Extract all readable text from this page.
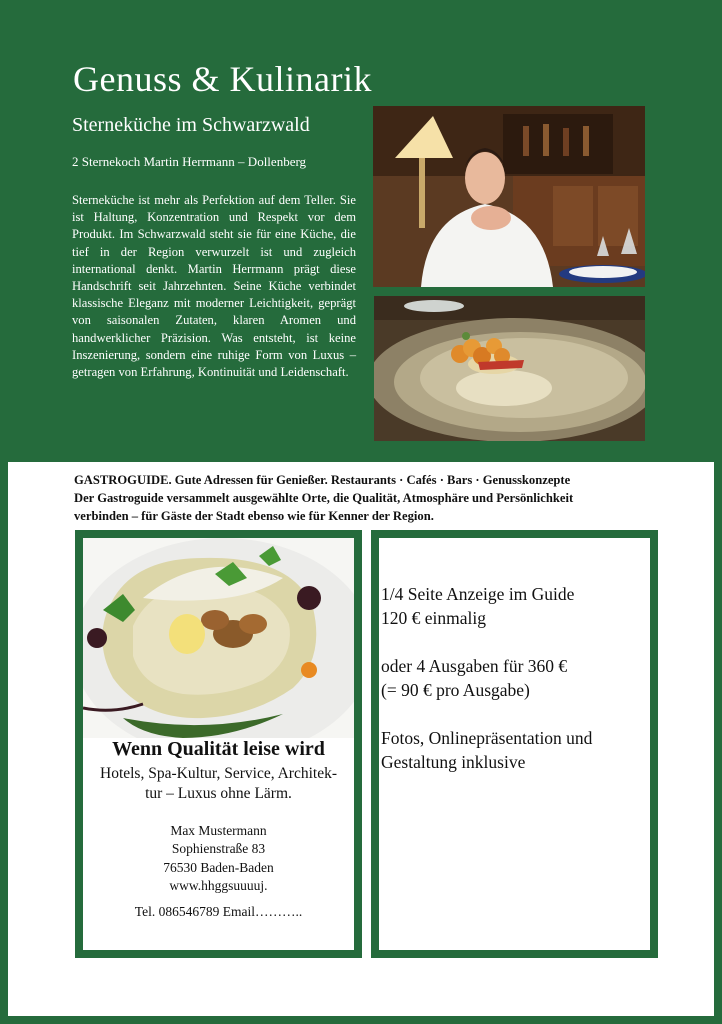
Genuss & Kulinarik
Sterneküche im Schwarzwald
2 Sternekoch Martin Herrmann – Dollenberg

Sterneküche ist mehr als Perfektion auf dem Teller. Sie ist Haltung, Konzentration und Respekt vor dem Produkt. Im Schwarzwald steht sie für eine Küche, die tief in der Region verwurzelt ist und zugleich international denkt. Martin Herrmann prägt diese Handschrift seit Jahrzehnten. Seine Küche verbindet klassische Eleganz mit moderner Leichtigkeit, geprägt von saisonalen Zutaten, klaren Aromen und handwerklicher Präzision. Was entsteht, ist keine Inszenierung, sondern eine ruhige Form von Luxus – getragen von Erfahrung, Kontinuität und Leidenschaft.

GASTROGUIDE. Gute Adressen für Genießer. Restaurants · Cafés · Bars · Genusskonzepte
Der Gastroguide versammelt ausgewählte Orte, die Qualität, Atmosphäre und Persönlichkeit
verbinden – für Gäste der Stadt ebenso wie für Kenner der Region.
Wenn Qualität leise wird
Hotels, Spa-Kultur, Service, Architek-
tur – Luxus ohne Lärm.
Max Mustermann
Sophienstraße 83
76530 Baden-Baden
www.hhggsuuuuj.
Tel. 086546789 Email………..

1/4 Seite Anzeige im Guide
120 € einmalig

oder 4 Ausgaben für 360 €
(= 90 € pro Ausgabe)

Fotos, Onlinepräsentation und
Gestaltung inklusive
